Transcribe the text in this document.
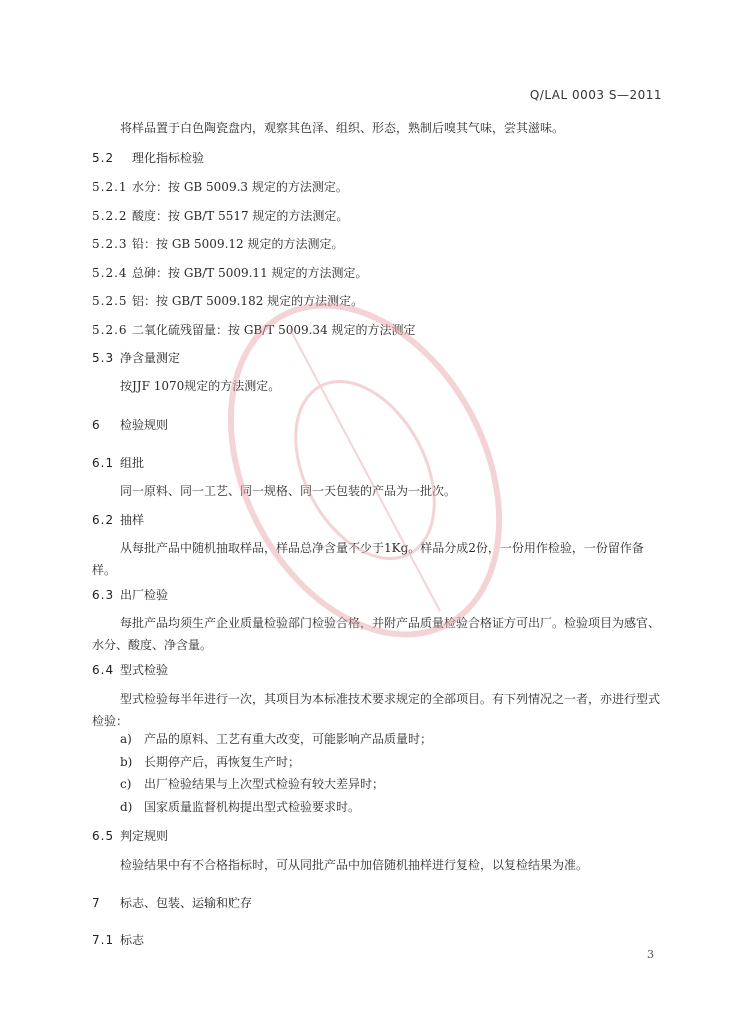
Q/LAL 0003 S—2011
将样品置于白色陶瓷盘内，观察其色泽、组织、形态，熟制后嗅其气味，尝其滋味。
5.2 理化指标检验
5.2.1 水分：按 GB 5009.3 规定的方法测定。
5.2.2 酸度：按 GB/T 5517 规定的方法测定。
5.2.3 铅：按 GB 5009.12 规定的方法测定。
5.2.4 总砷：按 GB/T 5009.11 规定的方法测定。
5.2.5 铝：按 GB/T 5009.182 规定的方法测定。
5.2.6 二氧化硫残留量：按 GB/T 5009.34 规定的方法测定
5.3 净含量测定
按JJF 1070规定的方法测定。
6 检验规则
6.1 组批
同一原料、同一工艺、同一规格、同一天包装的产品为一批次。
6.2 抽样
从每批产品中随机抽取样品，样品总净含量不少于1Kg。样品分成2份，一份用作检验，一份留作备样。
6.3 出厂检验
每批产品均须生产企业质量检验部门检验合格，并附产品质量检验合格证方可出厂。检验项目为感官、水分、酸度、净含量。
6.4 型式检验
型式检验每半年进行一次，其项目为本标准技术要求规定的全部项目。有下列情况之一者，亦进行型式检验：
a) 产品的原料、工艺有重大改变，可能影响产品质量时；
b) 长期停产后，再恢复生产时；
c) 出厂检验结果与上次型式检验有较大差异时；
d) 国家质量监督机构提出型式检验要求时。
6.5 判定规则
检验结果中有不合格指标时，可从同批产品中加倍随机抽样进行复检，以复检结果为准。
7 标志、包装、运输和贮存
7.1 标志
3
